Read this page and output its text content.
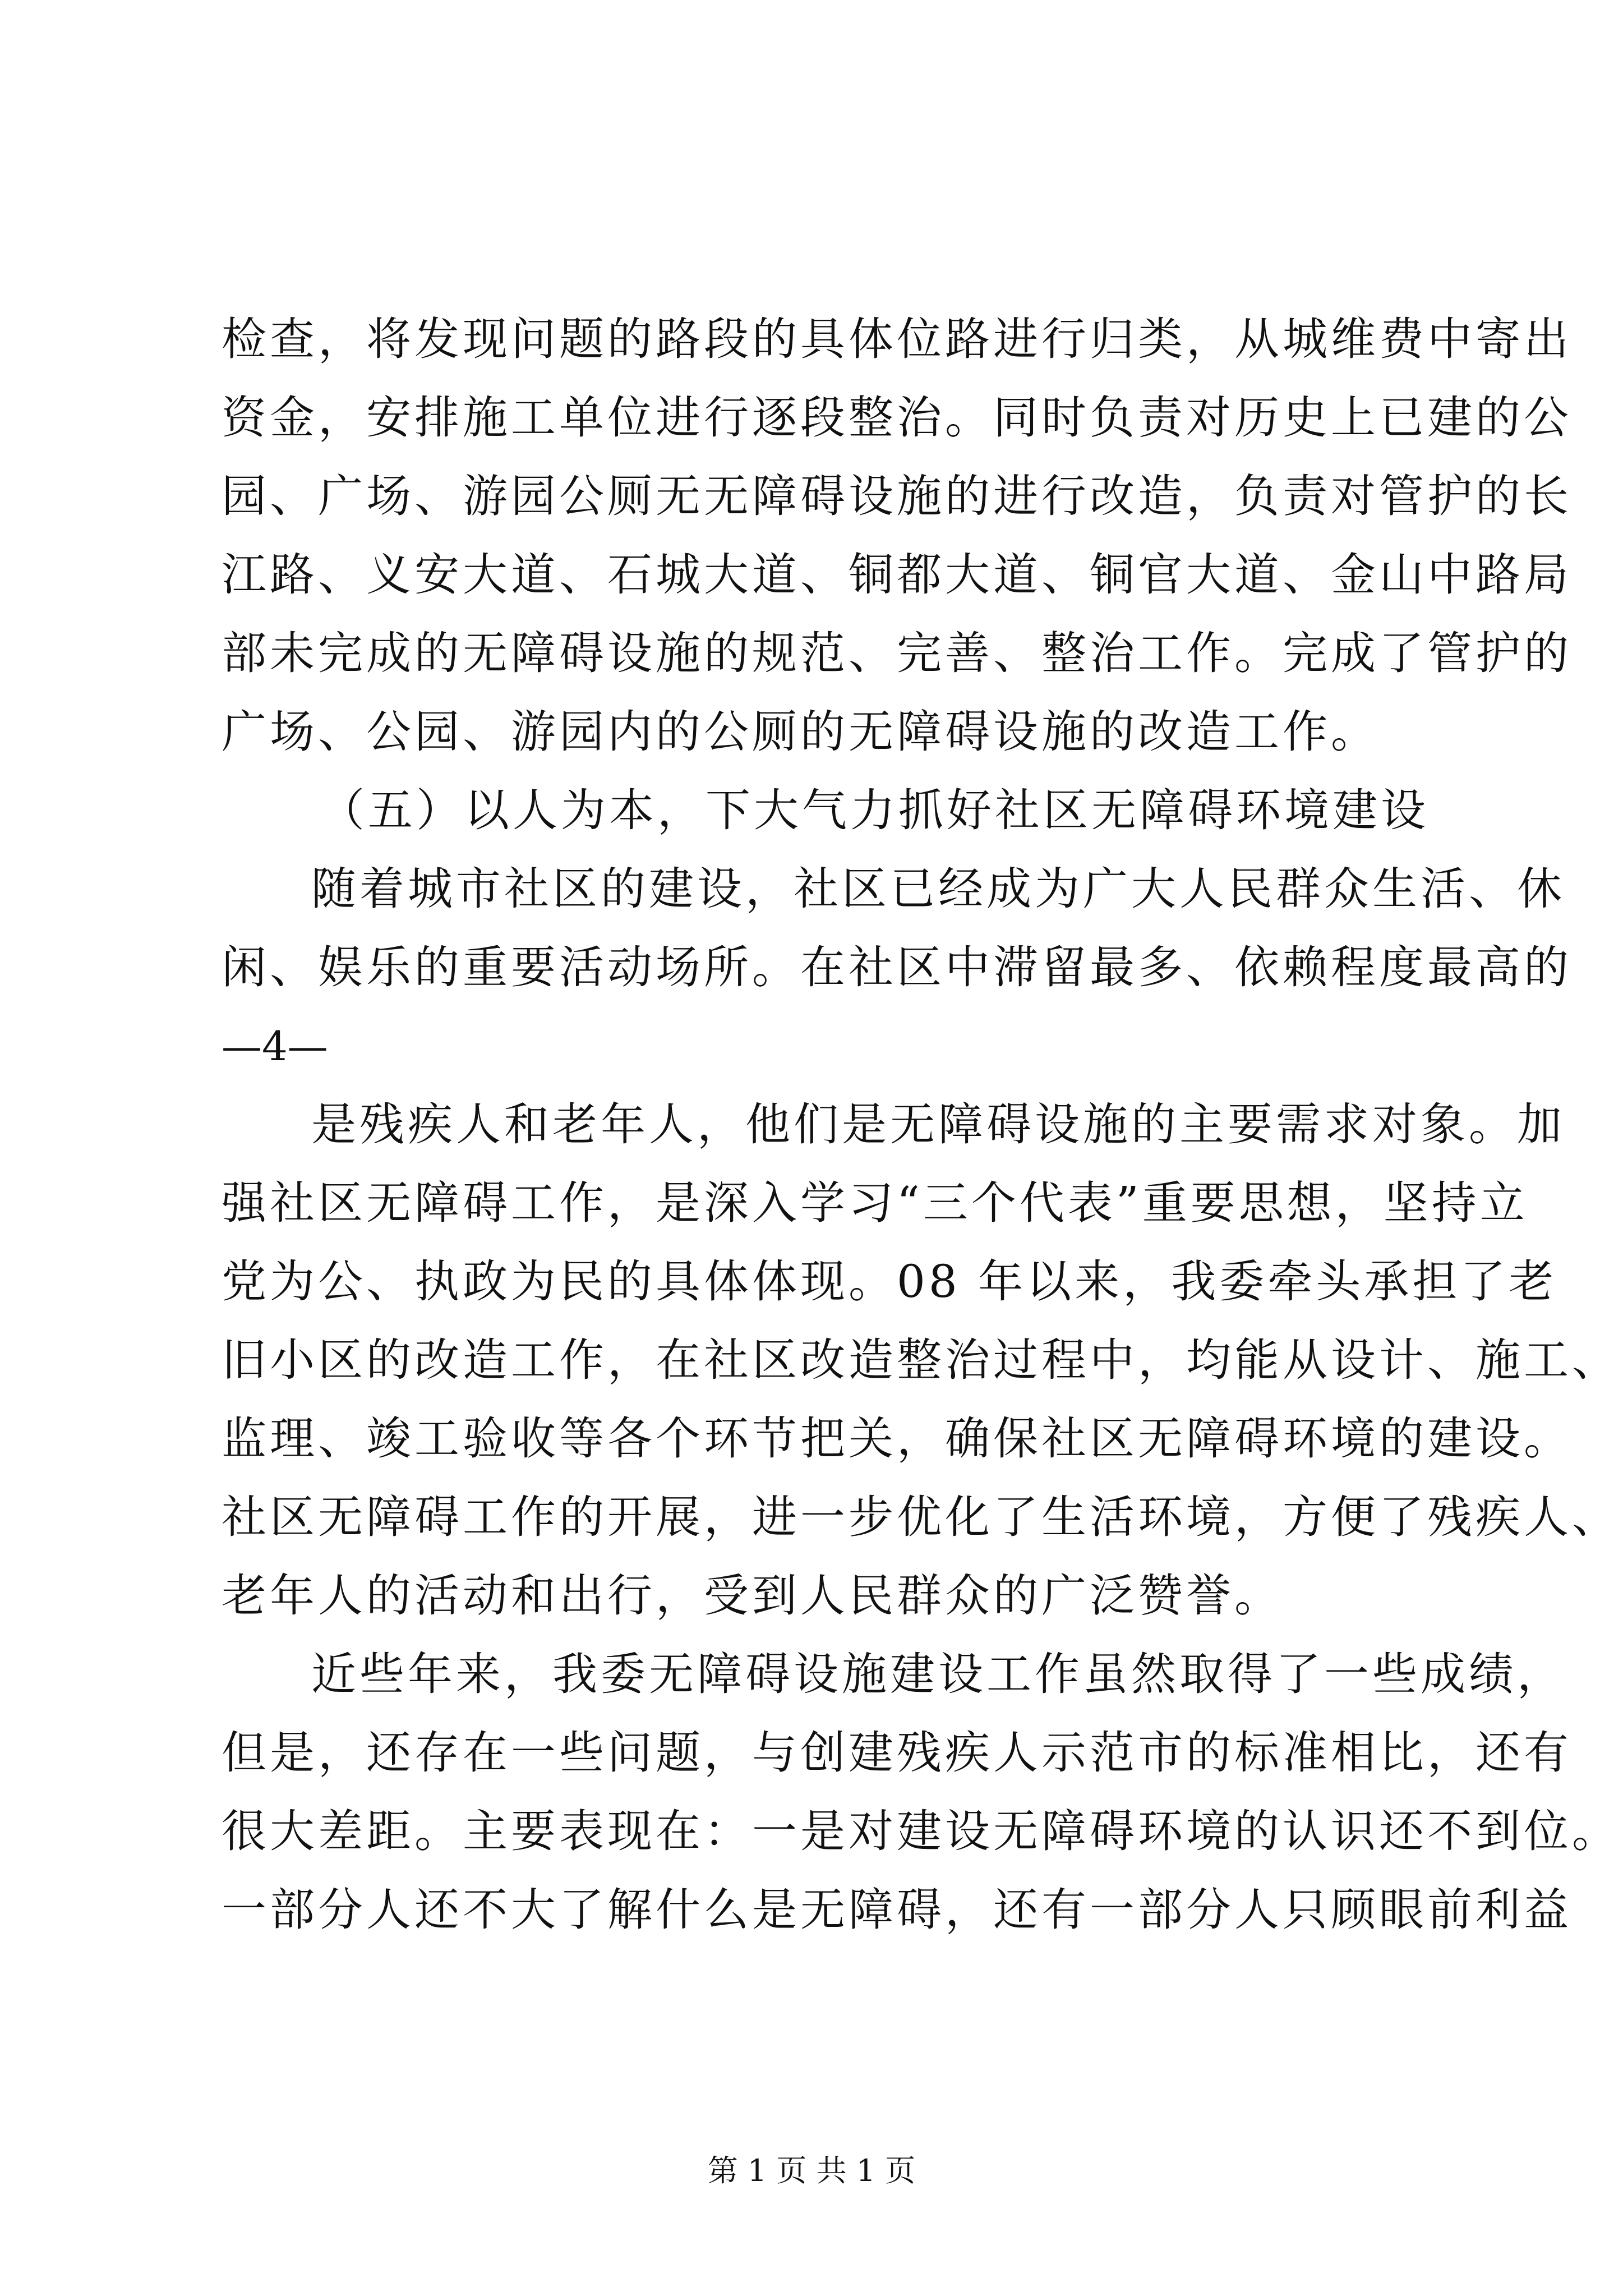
检查，将发现问题的路段的具体位路进行归类，从城维费中寄出
资金，安排施工单位进行逐段整治。同时负责对历史上已建的公
园、广场、游园公厕无无障碍设施的进行改造，负责对管护的长
江路、义安大道、石城大道、铜都大道、铜官大道、金山中路局
部未完成的无障碍设施的规范、完善、整治工作。完成了管护的
广场、公园、游园内的公厕的无障碍设施的改造工作。
（五）以人为本，下大气力抓好社区无障碍环境建设
随着城市社区的建设，社区已经成为广大人民群众生活、休
闲、娱乐的重要活动场所。在社区中滞留最多、依赖程度最高的
—4—
是残疾人和老年人，他们是无障碍设施的主要需求对象。加
强社区无障碍工作，是深入学习“三个代表”重要思想，坚持立
党为公、执政为民的具体体现。08 年以来，我委牵头承担了老
旧小区的改造工作，在社区改造整治过程中，均能从设计、施工、
监理、竣工验收等各个环节把关，确保社区无障碍环境的建设。
社区无障碍工作的开展，进一步优化了生活环境，方便了残疾人、
老年人的活动和出行，受到人民群众的广泛赞誉。
近些年来，我委无障碍设施建设工作虽然取得了一些成绩，
但是，还存在一些问题，与创建残疾人示范市的标准相比，还有
很大差距。主要表现在：一是对建设无障碍环境的认识还不到位。
一部分人还不大了解什么是无障碍，还有一部分人只顾眼前利益
第 1 页 共 1 页
